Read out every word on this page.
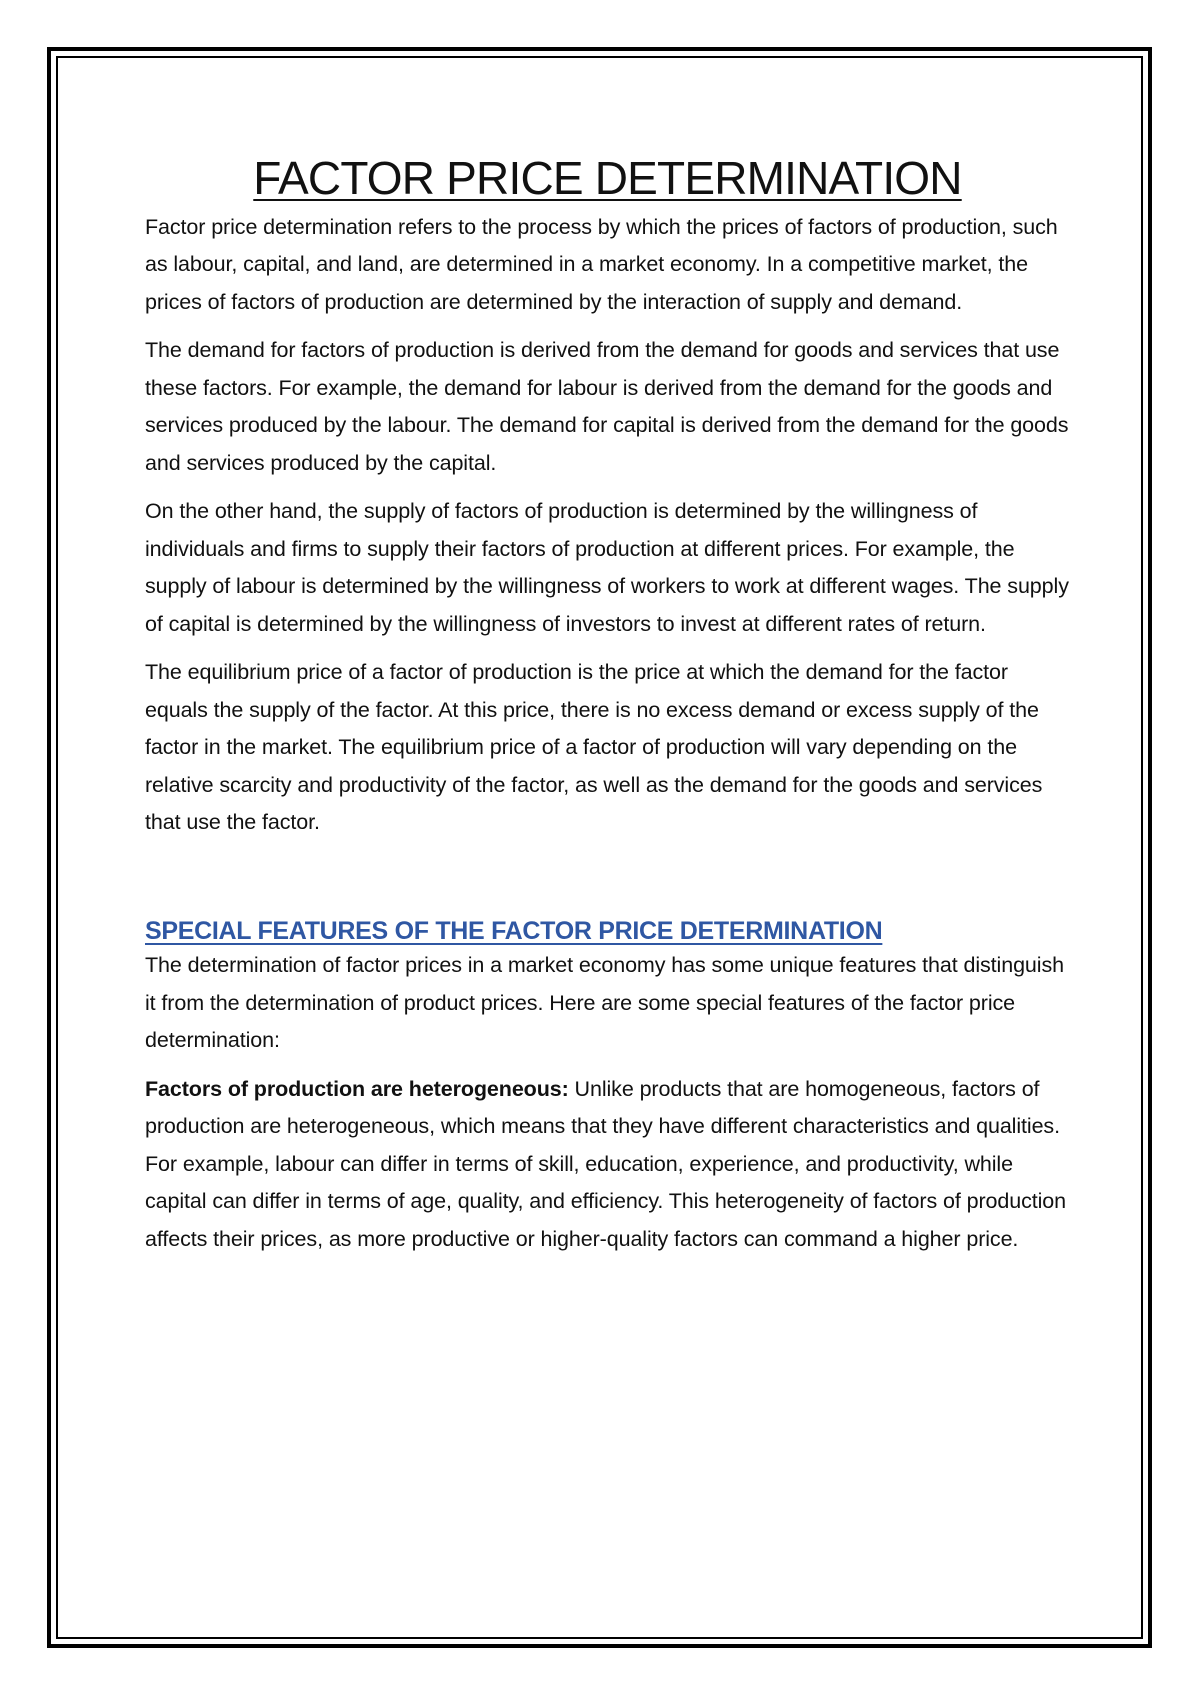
FACTOR PRICE DETERMINATION

Factor price determination refers to the process by which the prices of factors of production, such as labour, capital, and land, are determined in a market economy. In a competitive market, the prices of factors of production are determined by the interaction of supply and demand.

The demand for factors of production is derived from the demand for goods and services that use these factors. For example, the demand for labour is derived from the demand for the goods and services produced by the labour. The demand for capital is derived from the demand for the goods and services produced by the capital.

On the other hand, the supply of factors of production is determined by the willingness of individuals and firms to supply their factors of production at different prices. For example, the supply of labour is determined by the willingness of workers to work at different wages. The supply of capital is determined by the willingness of investors to invest at different rates of return.

The equilibrium price of a factor of production is the price at which the demand for the factor equals the supply of the factor. At this price, there is no excess demand or excess supply of the factor in the market. The equilibrium price of a factor of production will vary depending on the relative scarcity and productivity of the factor, as well as the demand for the goods and services that use the factor.

SPECIAL FEATURES OF THE FACTOR PRICE DETERMINATION

The determination of factor prices in a market economy has some unique features that distinguish it from the determination of product prices. Here are some special features of the factor price determination:

Factors of production are heterogeneous: Unlike products that are homogeneous, factors of production are heterogeneous, which means that they have different characteristics and qualities. For example, labour can differ in terms of skill, education, experience, and productivity, while capital can differ in terms of age, quality, and efficiency. This heterogeneity of factors of production affects their prices, as more productive or higher-quality factors can command a higher price.
